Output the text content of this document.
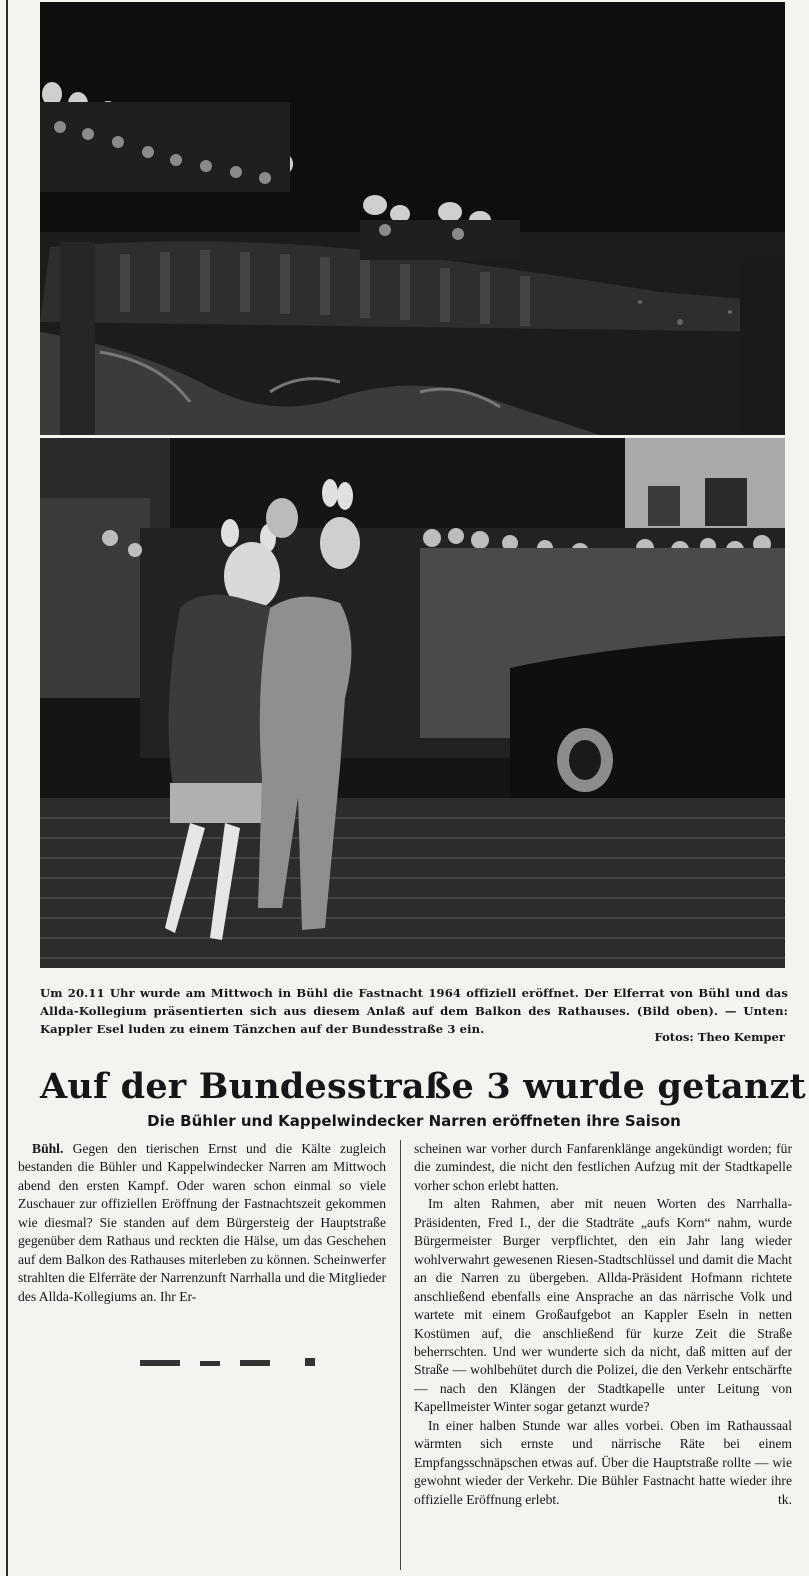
Um 20.11 Uhr wurde am Mittwoch in Bühl die Fastnacht 1964 offiziell eröffnet. Der Elferrat von Bühl und das Allda-Kollegium präsentierten sich aus diesem Anlaß auf dem Balkon des Rathauses. (Bild oben). — Unten: Kappler Esel luden zu einem Tänzchen auf der Bundesstraße 3 ein.
Fotos: Theo Kemper
Auf der Bundesstraße 3 wurde getanzt
Die Bühler und Kappelwindecker Narren eröffneten ihre Saison

Bühl. Gegen den tierischen Ernst und die Kälte zugleich bestanden die Bühler und Kappelwindecker Narren am Mittwoch abend den ersten Kampf. Oder waren schon einmal so viele Zuschauer zur offiziellen Eröffnung der Fastnachtszeit gekommen wie diesmal? Sie standen auf dem Bürgersteig der Hauptstraße gegenüber dem Rathaus und reckten die Hälse, um das Geschehen auf dem Balkon des Rathauses miterleben zu können. Scheinwerfer strahlten die Elferräte der Narrenzunft Narrhalla und die Mitglieder des Allda-Kollegiums an. Ihr Er-

scheinen war vorher durch Fanfarenklänge angekündigt worden; für die zumindest, die nicht den festlichen Aufzug mit der Stadtkapelle vorher schon erlebt hatten.

Im alten Rahmen, aber mit neuen Worten des Narrhalla-Präsidenten, Fred I., der die Stadträte „aufs Korn“ nahm, wurde Bürgermeister Burger verpflichtet, den ein Jahr lang wieder wohlverwahrt gewesenen Riesen-Stadtschlüssel und damit die Macht an die Narren zu übergeben. Allda-Präsident Hofmann richtete anschließend ebenfalls eine Ansprache an das närrische Volk und wartete mit einem Großaufgebot an Kappler Eseln in netten Kostümen auf, die anschließend für kurze Zeit die Straße beherrschten. Und wer wunderte sich da nicht, daß mitten auf der Straße — wohlbehütet durch die Polizei, die den Verkehr entschärfte — nach den Klängen der Stadtkapelle unter Leitung von Kapellmeister Winter sogar getanzt wurde?

In einer halben Stunde war alles vorbei. Oben im Rathaussaal wärmten sich ernste und närrische Räte bei einem Empfangsschnäpschen etwas auf. Über die Hauptstraße rollte — wie gewohnt wieder der Verkehr. Die Bühler Fastnacht hatte wieder ihre offizielle Eröffnung erlebt.	tk.
